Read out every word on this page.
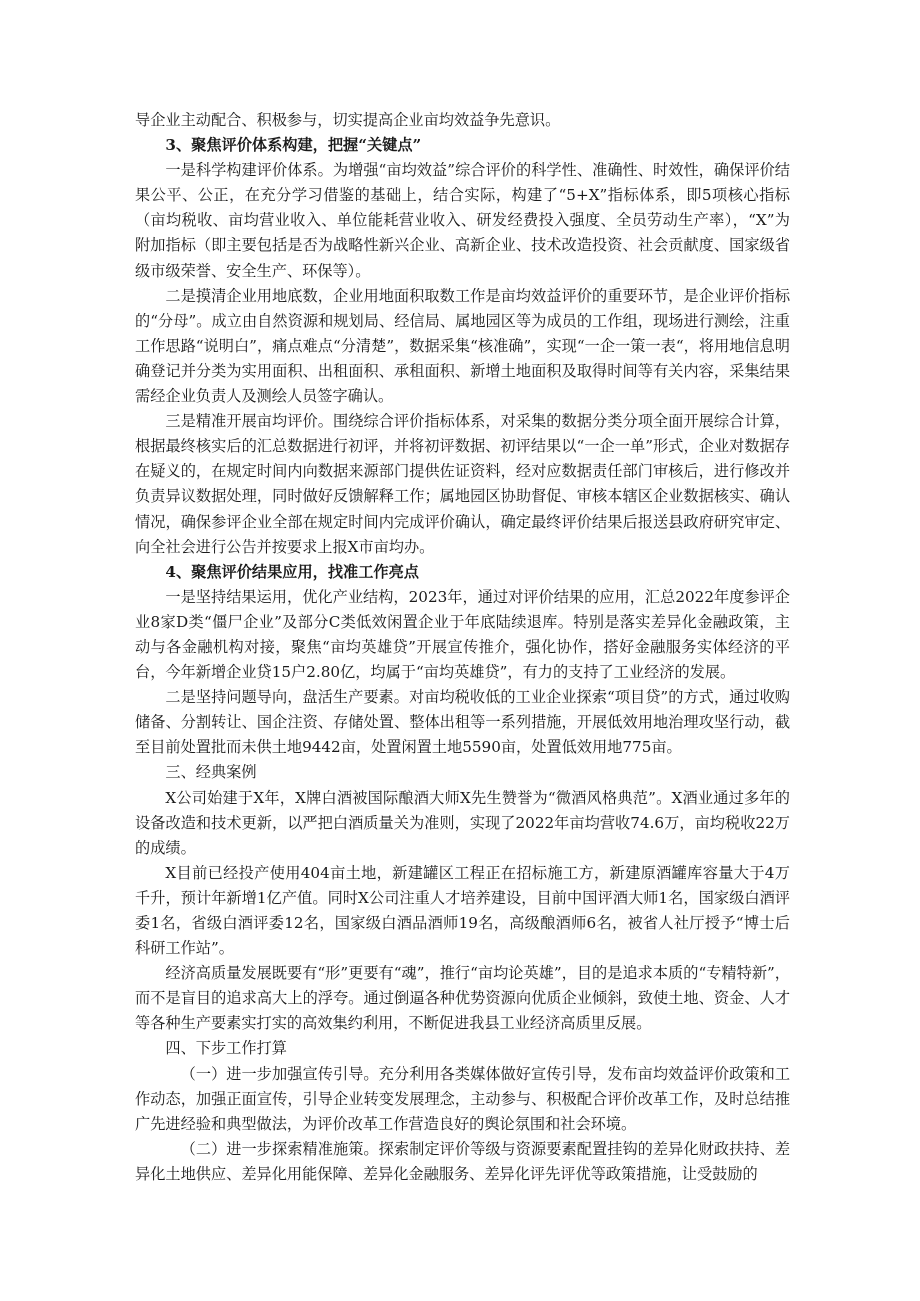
导企业主动配合、积极参与，切实提高企业亩均效益争先意识。

3、聚焦评价体系构建，把握“关键点”

一是科学构建评价体系。为增强“亩均效益”综合评价的科学性、准确性、时效性，确保评价结果公平、公正，在充分学习借鉴的基础上，结合实际，构建了“5+X”指标体系，即5项核心指标（亩均税收、亩均营业收入、单位能耗营业收入、研发经费投入强度、全员劳动生产率），“X”为附加指标（即主要包括是否为战略性新兴企业、高新企业、技术改造投资、社会贡献度、国家级省级市级荣誉、安全生产、环保等）。

二是摸清企业用地底数，企业用地面积取数工作是亩均效益评价的重要环节，是企业评价指标的“分母”。成立由自然资源和规划局、经信局、属地园区等为成员的工作组，现场进行测绘，注重工作思路“说明白”，痛点难点“分清楚”，数据采集“核准确”，实现“一企一策一表“，将用地信息明确登记并分类为实用面积、出租面积、承租面积、新增土地面积及取得时间等有关内容，采集结果需经企业负责人及测绘人员签字确认。

三是精准开展亩均评价。围绕综合评价指标体系，对采集的数据分类分项全面开展综合计算，根据最终核实后的汇总数据进行初评，并将初评数据、初评结果以“一企一单”形式，企业对数据存在疑义的，在规定时间内向数据来源部门提供佐证资料，经对应数据责任部门审核后，进行修改并负责异议数据处理，同时做好反馈解释工作；属地园区协助督促、审核本辖区企业数据核实、确认情况，确保参评企业全部在规定时间内完成评价确认，确定最终评价结果后报送县政府研究审定、向全社会进行公告并按要求上报X市亩均办。

4、聚焦评价结果应用，找准工作亮点

一是坚持结果运用，优化产业结构，2023年，通过对评价结果的应用，汇总2022年度参评企业8家D类“僵尸企业”及部分C类低效闲置企业于年底陆续退库。特别是落实差异化金融政策，主动与各金融机构对接，聚焦“亩均英雄贷”开展宣传推介，强化协作，搭好金融服务实体经济的平台，今年新增企业贷15户2.80亿，均属于“亩均英雄贷”，有力的支持了工业经济的发展。

二是坚持问题导向，盘活生产要素。对亩均税收低的工业企业探索“项目贷”的方式，通过收购储备、分割转让、国企注资、存储处置、整体出租等一系列措施，开展低效用地治理攻坚行动，截至目前处置批而未供土地9442亩，处置闲置土地5590亩，处置低效用地775亩。

三、经典案例

X公司始建于X年，X牌白酒被国际酿酒大师X先生赞誉为“微酒风格典范”。X酒业通过多年的设备改造和技术更新，以严把白酒质量关为准则，实现了2022年亩均营收74.6万，亩均税收22万的成绩。

X目前已经投产使用404亩土地，新建罐区工程正在招标施工方，新建原酒罐库容量大于4万千升，预计年新增1亿产值。同时X公司注重人才培养建设，目前中国评酒大师1名，国家级白酒评委1名，省级白酒评委12名，国家级白酒品酒师19名，高级酿酒师6名，被省人社厅授予“博士后科研工作站”。

经济高质量发展既要有“形”更要有“魂”，推行“亩均论英雄”，目的是追求本质的“专精特新”，而不是盲目的追求高大上的浮夸。通过倒逼各种优势资源向优质企业倾斜，致使土地、资金、人才等各种生产要素实打实的高效集约利用，不断促进我县工业经济高质里反展。

四、下步工作打算

（一）进一步加强宣传引导。充分利用各类媒体做好宣传引导，发布亩均效益评价政策和工作动态，加强正面宣传，引导企业转变发展理念，主动参与、积极配合评价改革工作，及时总结推广先进经验和典型做法，为评价改革工作营造良好的舆论氛围和社会环境。

（二）进一步探索精准施策。探索制定评价等级与资源要素配置挂钩的差异化财政扶持、差异化土地供应、差异化用能保障、差异化金融服务、差异化评先评优等政策措施，让受鼓励的
